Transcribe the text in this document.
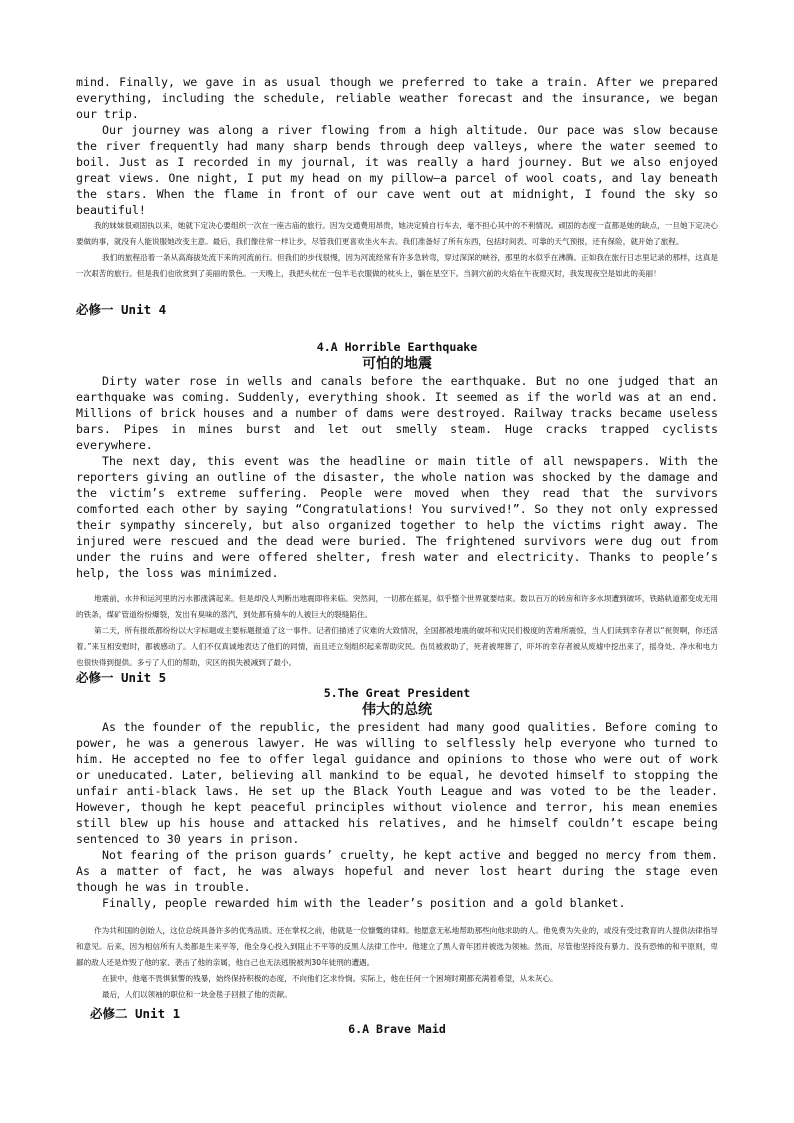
mind. Finally, we gave in as usual though we preferred to take a train. After we prepared everything, including the schedule, reliable weather forecast and the insurance, we began our trip.

Our journey was along a river flowing from a high altitude. Our pace was slow because the river frequently had many sharp bends through deep valleys, where the water seemed to boil. Just as I recorded in my journal, it was really a hard journey. But we also enjoyed great views. One night, I put my head on my pillow—a parcel of wool coats, and lay beneath the stars. When the flame in front of our cave went out at midnight, I found the sky so beautiful!

我的妹妹很顽固执以来，她就下定决心要组织一次在一座古庙的旅行。因为交通费用昂贵，她决定骑自行车去，毫不担心其中的不利情况。顽固的态度一直都是她的缺点，一旦她下定决心要做的事，就没有人能说服她改变主意。最后，我们像往常一样让步，尽管我们更喜欢坐火车去。我们准备好了所有东西，包括时间表、可靠的天气预报，还有保险，就开始了旅程。

我们的旅程沿着一条从高海拔处流下来的河流前行。但我们的步伐很慢，因为河流经常有许多急转弯，穿过深深的峡谷，那里的水似乎在沸腾。正如我在旅行日志里记录的那样，这真是一次艰苦的旅行。但是我们也欣赏到了美丽的景色。一天晚上，我把头枕在一包羊毛衣服做的枕头上，躺在星空下。当洞穴前的火焰在午夜熄灭时，我发现夜空是如此的美丽！

必修一 Unit 4

4.A Horrible Earthquake

可怕的地震

Dirty water rose in wells and canals before the earthquake. But no one judged that an earthquake was coming. Suddenly, everything shook. It seemed as if the world was at an end. Millions of brick houses and a number of dams were destroyed. Railway tracks became useless bars. Pipes in mines burst and let out smelly steam. Huge cracks trapped cyclists everywhere.

The next day, this event was the headline or main title of all newspapers. With the reporters giving an outline of the disaster, the whole nation was shocked by the damage and the victim’s extreme suffering. People were moved when they read that the survivors comforted each other by saying “Congratulations! You survived!”. So they not only expressed their sympathy sincerely, but also organized together to help the victims right away. The injured were rescued and the dead were buried. The frightened survivors were dug out from under the ruins and were offered shelter, fresh water and electricity. Thanks to people’s help, the loss was minimized.

地震前，水井和运河里的污水都涨满起来。但是却没人判断出地震即将来临。突然间，一切都在摇晃，似乎整个世界就要结束。数以百万的砖房和许多水坝遭到破坏，铁路轨道都变成无用的铁条，煤矿管道纷纷爆裂，发出有臭味的蒸汽，到处都有骑车的人被巨大的裂缝陷住。

第二天，所有报纸都纷纷以大字标题或主要标题报道了这一事件。记者们描述了灾难的大致情况，全国都被地震的破坏和灾民们极度的苦难所震惊，当人们读到幸存者以“祝贺啊，你还活着。”来互相安慰时，都被感动了。人们不仅真诚地表达了他们的同情，而且还立刻组织起来帮助灾民。伤员被救助了，死者被埋葬了，吓坏的幸存者被从废墟中挖出来了，摇身处、净水和电力也很快得到提供。多亏了人们的帮助，灾区的损失被减到了最小。

必修一 Unit 5

5.The Great President

伟大的总统

As the founder of the republic, the president had many good qualities. Before coming to power, he was a generous lawyer. He was willing to selflessly help everyone who turned to him. He accepted no fee to offer legal guidance and opinions to those who were out of work or uneducated. Later, believing all mankind to be equal, he devoted himself to stopping the unfair anti-black laws. He set up the Black Youth League and was voted to be the leader. However, though he kept peaceful principles without violence and terror, his mean enemies still blew up his house and attacked his relatives, and he himself couldn’t escape being sentenced to 30 years in prison.

Not fearing of the prison guards’ cruelty, he kept active and begged no mercy from them. As a matter of fact, he was always hopeful and never lost heart during the stage even though he was in trouble.

Finally, people rewarded him with the leader’s position and a gold blanket.

作为共和国的创始人，这位总统具备许多的优秀品质。还在掌权之前，他就是一位慷慨的律师。他愿意无私地帮助那些向他求助的人。他免费为失业的，或没有受过教育的人提供法律指导和意见。后来，因为相信所有人类都是生来平等，他全身心投入到阻止不平等的反黑人法律工作中。他建立了黑人青年团并被选为领袖。然而，尽管他坚持没有暴力、没有恐怖的和平原则，卑鄙的敌人还是炸毁了他的家、袭击了他的亲属，他自己也无法逃脱被判30年徒刑的遭遇。

在狱中，他毫不畏惧狱警的残暴，始终保持积极的态度，不向他们乞求怜悯。实际上，他在任何一个困境时期都充满着希望，从未灰心。

最后，人们以领袖的职位和一块金毯子回报了他的贡献。

必修二 Unit 1

6.A Brave Maid
